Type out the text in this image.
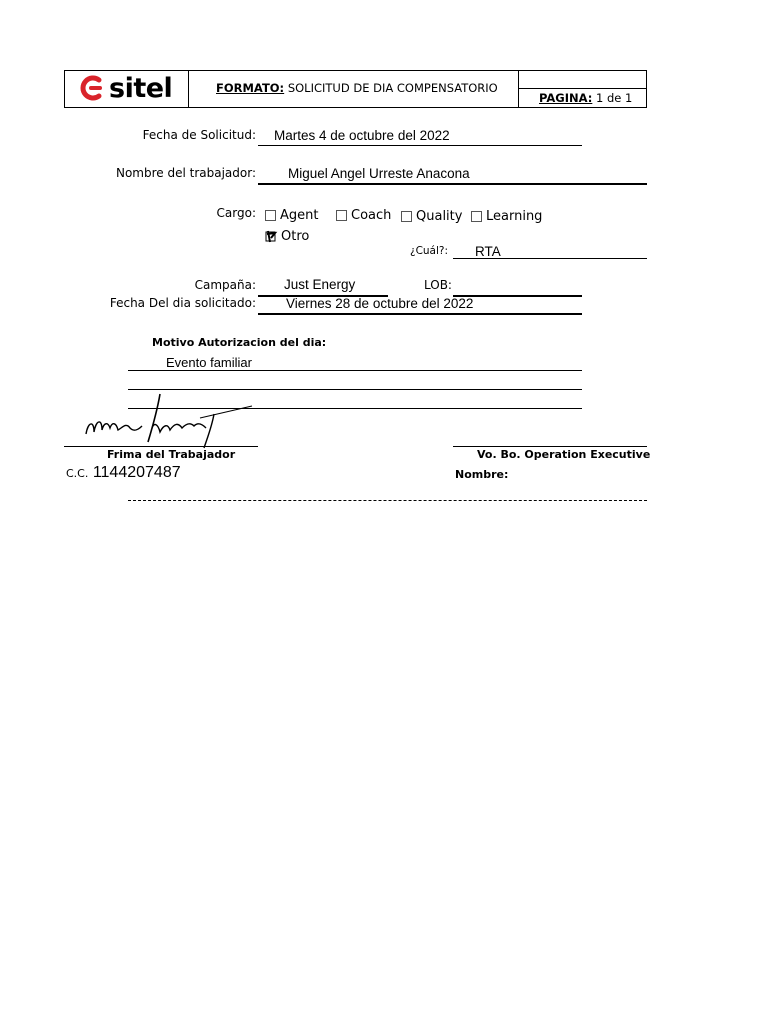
sitel	FORMATO: SOLICITUD DE DIA COMPENSATORIO
PAGINA: 1 de 1
Fecha de Solicitud: Martes 4 de octubre del 2022
Nombre del trabajador: Miguel Angel Urreste Anacona
Cargo: Agent	Coach Quality Learning
Otro
¿Cuál?: RTA
Campaña: Just Energy	LOB:
Fecha Del dia solicitado: Viernes 28 de octubre del 2022
Motivo Autorizacion del dia:
Evento familiar
Frima del Trabajador
C.C. 1144207487
Vo. Bo. Operation Executive
Nombre:
